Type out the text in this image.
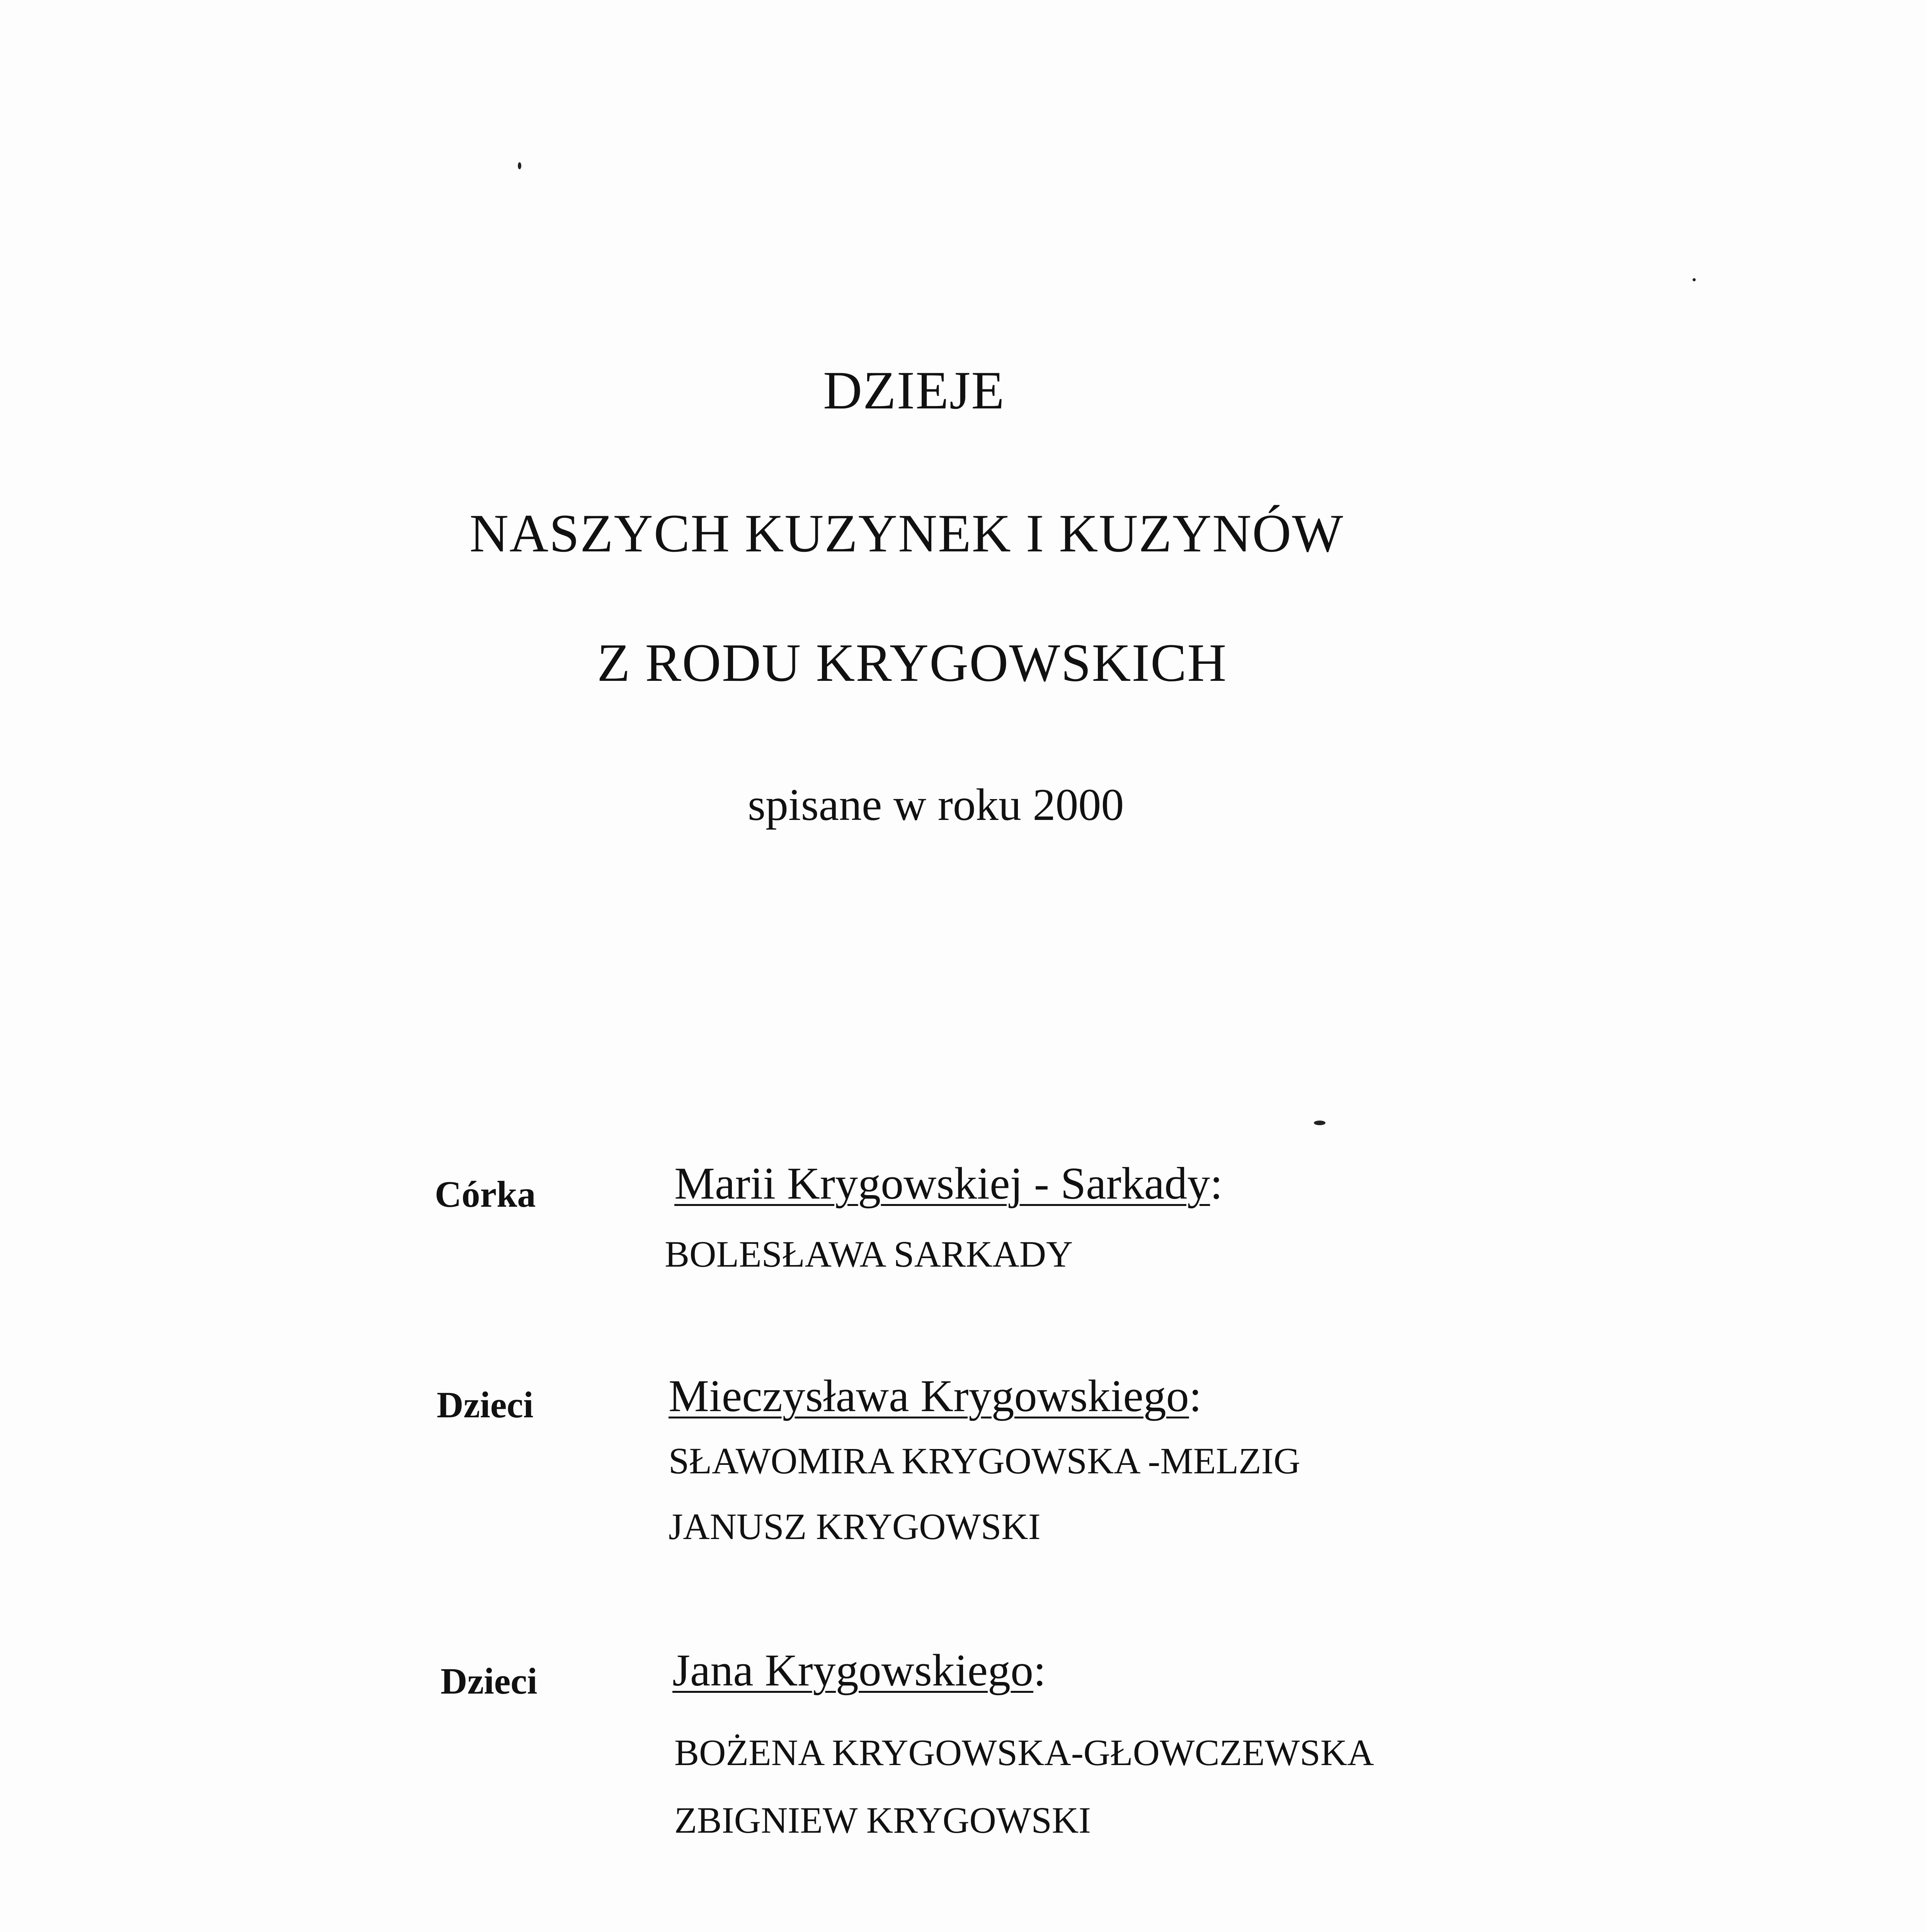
DZIEJE
NASZYCH KUZYNEK I KUZYNÓW
Z RODU KRYGOWSKICH
spisane w roku 2000
Córka	Marii Krygowskiej - Sarkady:
BOLESŁAWA SARKADY
Dzieci	Mieczysława Krygowskiego:
SŁAWOMIRA KRYGOWSKA -MELZIG
JANUSZ KRYGOWSKI
Dzieci	Jana Krygowskiego:
BOŻENA KRYGOWSKA-GŁOWCZEWSKA
ZBIGNIEW KRYGOWSKI
